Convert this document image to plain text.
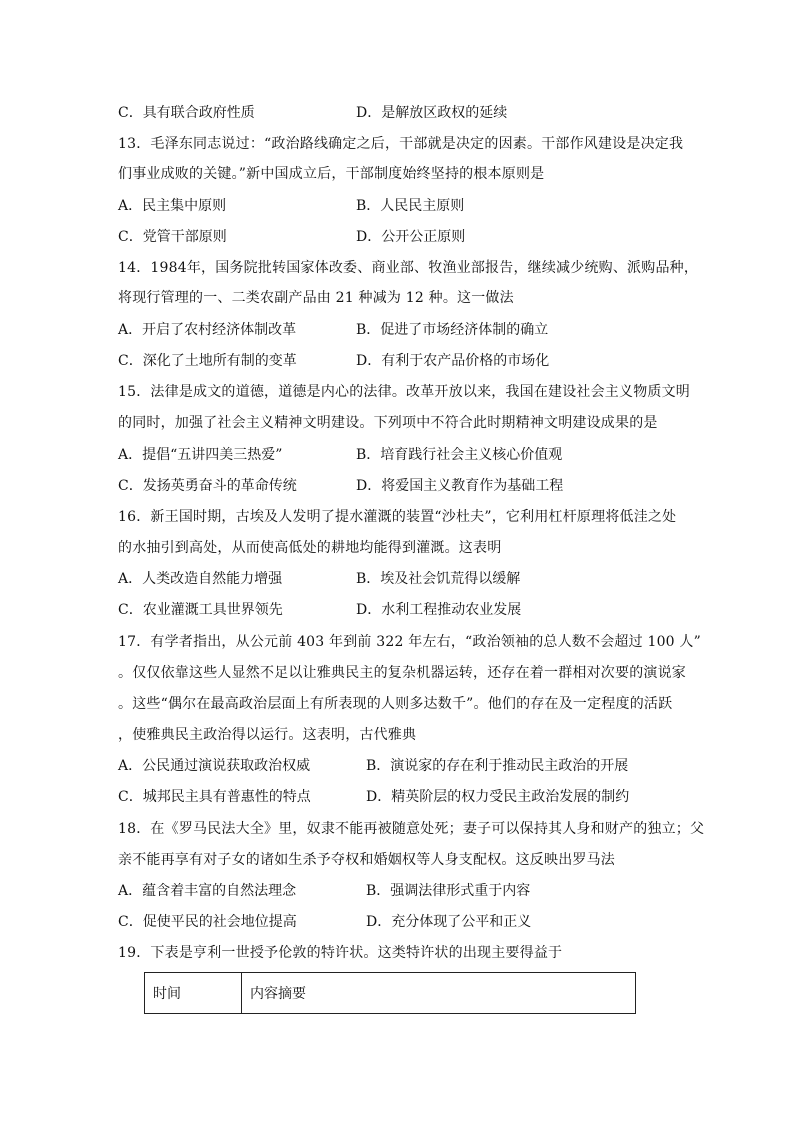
C．具有联合政府性质	D．是解放区政权的延续
13．毛泽东同志说过：“政治路线确定之后，干部就是决定的因素。干部作风建设是决定我
们事业成败的关键。”新中国成立后，干部制度始终坚持的根本原则是
A．民主集中原则	B．人民民主原则
C．党管干部原则	D．公开公正原则
14．1984年，国务院批转国家体改委、商业部、牧渔业部报告，继续减少统购、派购品种，
将现行管理的一、二类农副产品由 21 种减为 12 种。这一做法
A．开启了农村经济体制改革	B．促进了市场经济体制的确立
C．深化了土地所有制的变革	D．有利于农产品价格的市场化
15．法律是成文的道德，道德是内心的法律。改革开放以来，我国在建设社会主义物质文明
的同时，加强了社会主义精神文明建设。下列项中不符合此时期精神文明建设成果的是
A．提倡“五讲四美三热爱”	B．培育践行社会主义核心价值观
C．发扬英勇奋斗的革命传统	D．将爱国主义教育作为基础工程
16．新王国时期，古埃及人发明了提水灌溉的装置“沙杜夫”，它利用杠杆原理将低洼之处
的水抽引到高处，从而使高低处的耕地均能得到灌溉。这表明
A．人类改造自然能力增强	B．埃及社会饥荒得以缓解
C．农业灌溉工具世界领先	D．水利工程推动农业发展
17．有学者指出，从公元前 403 年到前 322 年左右，“政治领袖的总人数不会超过 100 人”
。仅仅依靠这些人显然不足以让雅典民主的复杂机器运转，还存在着一群相对次要的演说家
。这些“偶尔在最高政治层面上有所表现的人则多达数千”。他们的存在及一定程度的活跃
，使雅典民主政治得以运行。这表明，古代雅典
A．公民通过演说获取政治权威	B．演说家的存在利于推动民主政治的开展
C．城邦民主具有普惠性的特点	D．精英阶层的权力受民主政治发展的制约
18．在《罗马民法大全》里，奴隶不能再被随意处死；妻子可以保持其人身和财产的独立；父
亲不能再享有对子女的诸如生杀予夺权和婚姻权等人身支配权。这反映出罗马法
A．蕴含着丰富的自然法理念	B．强调法律形式重于内容
C．促使平民的社会地位提高	D．充分体现了公平和正义
19．下表是亨利一世授予伦敦的特许状。这类特许状的出现主要得益于
时间	内容摘要
